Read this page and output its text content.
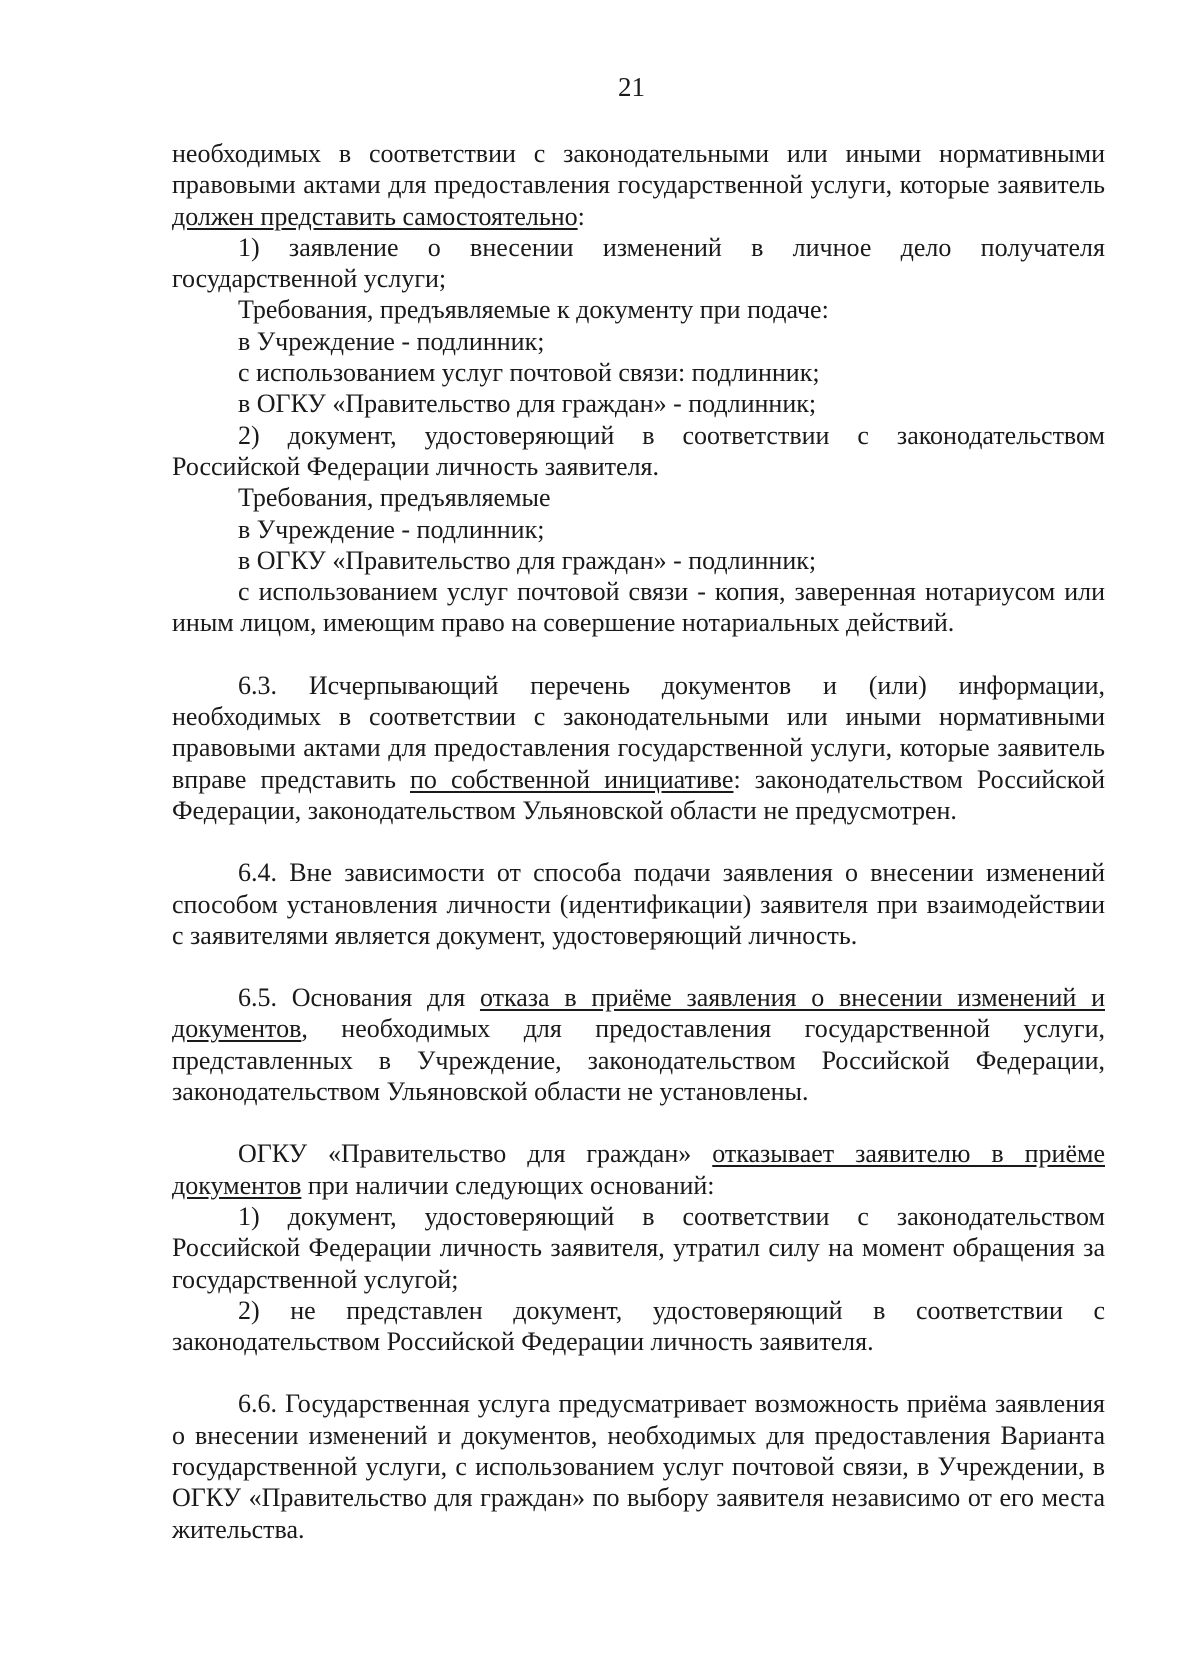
21

необходимых в соответствии с законодательными или иными нормативными правовыми актами для предоставления государственной услуги, которые заявитель должен представить самостоятельно:

1) заявление о внесении изменений в личное дело получателя государственной услуги;

Требования, предъявляемые к документу при подаче:

в Учреждение - подлинник;

с использованием услуг почтовой связи: подлинник;

в ОГКУ «Правительство для граждан» - подлинник;

2) документ, удостоверяющий в соответствии с законодательством Российской Федерации личность заявителя.

Требования, предъявляемые

в Учреждение - подлинник;

в ОГКУ «Правительство для граждан» - подлинник;

с использованием услуг почтовой связи - копия, заверенная нотариусом или иным лицом, имеющим право на совершение нотариальных действий.

6.3. Исчерпывающий перечень документов и (или) информации, необходимых в соответствии с законодательными или иными нормативными правовыми актами для предоставления государственной услуги, которые заявитель вправе представить по собственной инициативе: законодательством Российской Федерации, законодательством Ульяновской области не предусмотрен.

6.4. Вне зависимости от способа подачи заявления о внесении изменений способом установления личности (идентификации) заявителя при взаимодействии с заявителями является документ, удостоверяющий личность.

6.5. Основания для отказа в приёме заявления о внесении изменений и документов, необходимых для предоставления государственной услуги, представленных в Учреждение, законодательством Российской Федерации, законодательством Ульяновской области не установлены.

ОГКУ «Правительство для граждан» отказывает заявителю в приёме документов при наличии следующих оснований:

1) документ, удостоверяющий в соответствии с законодательством Российской Федерации личность заявителя, утратил силу на момент обращения за государственной услугой;

2) не представлен документ, удостоверяющий в соответствии с законодательством Российской Федерации личность заявителя.

6.6. Государственная услуга предусматривает возможность приёма заявления о внесении изменений и документов, необходимых для предоставления Варианта государственной услуги, с использованием услуг почтовой связи, в Учреждении, в ОГКУ «Правительство для граждан» по выбору заявителя независимо от его места жительства.
